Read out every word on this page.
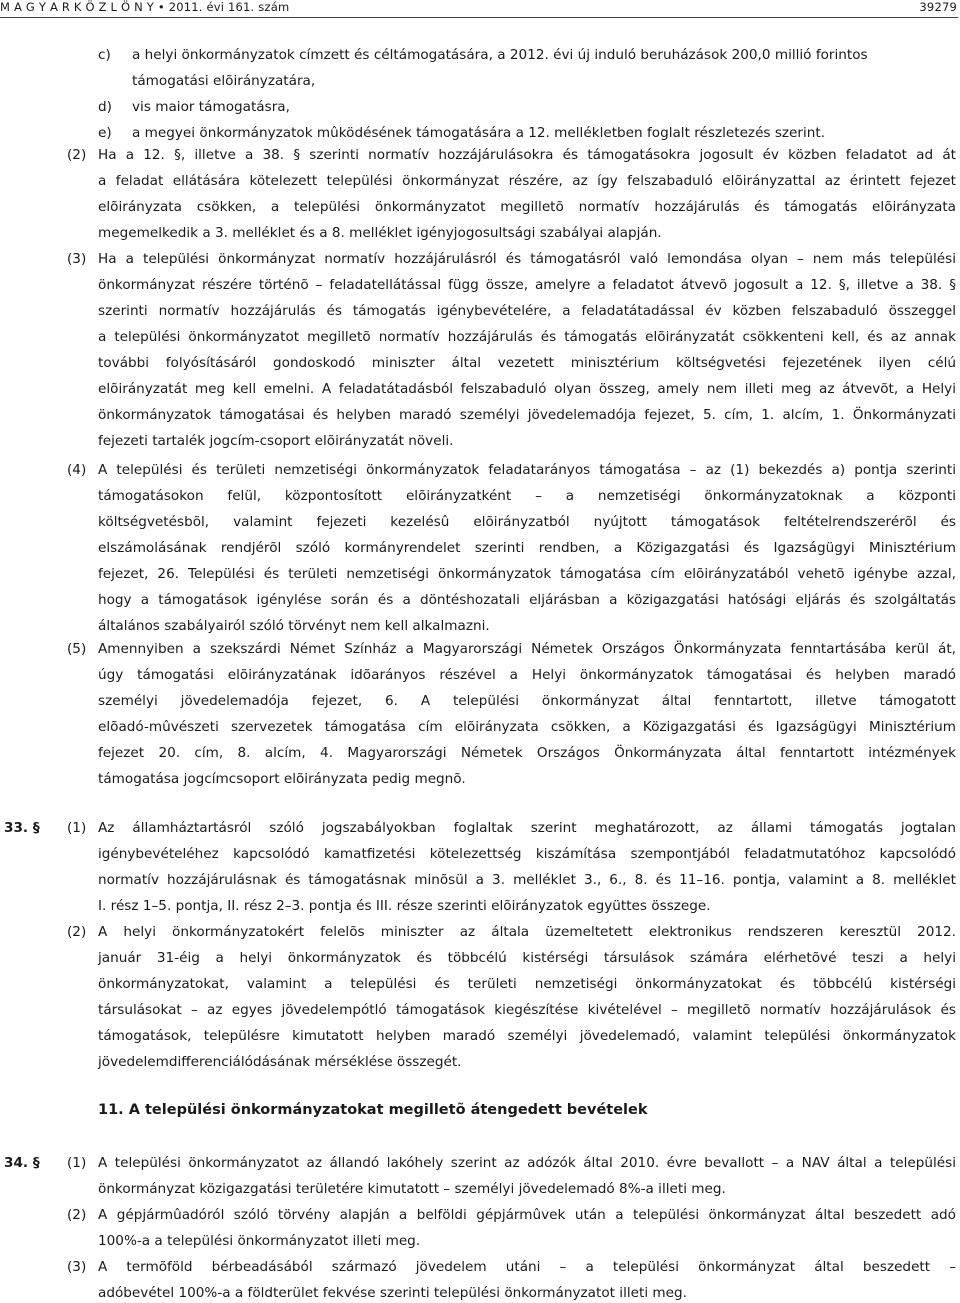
M A G Y A R K Ö Z L Ö N Y • 2011. évi 161. szám	39279
c) a helyi önkormányzatok címzett és céltámogatására, a 2012. évi új induló beruházások 200,0 millió forintos
támogatási elõirányzatára,
d) vis maior támogatásra,
e) a megyei önkormányzatok mûködésének támogatására a 12. mellékletben foglalt részletezés szerint.
(2) Ha a 12. §, illetve a 38. § szerinti normatív hozzájárulásokra és támogatásokra jogosult év közben feladatot ad át
a feladat ellátására kötelezett települési önkormányzat részére, az így felszabaduló elõirányzattal az érintett fejezet
elõirányzata csökken, a települési önkormányzatot megilletõ normatív hozzájárulás és támogatás elõirányzata
megemelkedik a 3. melléklet és a 8. melléklet igényjogosultsági szabályai alapján.
(3) Ha a települési önkormányzat normatív hozzájárulásról és támogatásról való lemondása olyan – nem más települési
önkormányzat részére történõ – feladatellátással függ össze, amelyre a feladatot átvevõ jogosult a 12. §, illetve a 38. §
szerinti normatív hozzájárulás és támogatás igénybevételére, a feladatátadással év közben felszabaduló összeggel
a települési önkormányzatot megilletõ normatív hozzájárulás és támogatás elõirányzatát csökkenteni kell, és az annak
további folyósításáról gondoskodó miniszter által vezetett minisztérium költségvetési fejezetének ilyen célú
elõirányzatát meg kell emelni. A feladatátadásból felszabaduló olyan összeg, amely nem illeti meg az átvevõt, a Helyi
önkormányzatok támogatásai és helyben maradó személyi jövedelemadója fejezet, 5. cím, 1. alcím, 1. Önkormányzati
fejezeti tartalék jogcím-csoport elõirányzatát növeli.
(4) A települési és területi nemzetiségi önkormányzatok feladatarányos támogatása – az (1) bekezdés a) pontja szerinti
támogatásokon felül, központosított elõirányzatként – a nemzetiségi önkormányzatoknak a központi
költségvetésbõl, valamint fejezeti kezelésû elõirányzatból nyújtott támogatások feltételrendszerérõl és
elszámolásának rendjérõl szóló kormányrendelet szerinti rendben, a Közigazgatási és Igazságügyi Minisztérium
fejezet, 26. Települési és területi nemzetiségi önkormányzatok támogatása cím elõirányzatából vehetõ igénybe azzal,
hogy a támogatások igénylése során és a döntéshozatali eljárásban a közigazgatási hatósági eljárás és szolgáltatás
általános szabályairól szóló törvényt nem kell alkalmazni.
(5) Amennyiben a szekszárdi Német Színház a Magyarországi Németek Országos Önkormányzata fenntartásába kerül át,
úgy támogatási elõirányzatának idõarányos részével a Helyi önkormányzatok támogatásai és helyben maradó
személyi jövedelemadója fejezet, 6. A települési önkormányzat által fenntartott, illetve támogatott
elõadó-mûvészeti szervezetek támogatása cím elõirányzata csökken, a Közigazgatási és Igazságügyi Minisztérium
fejezet 20. cím, 8. alcím, 4. Magyarországi Németek Országos Önkormányzata által fenntartott intézmények
támogatása jogcímcsoport elõirányzata pedig megnõ.
33. § (1) Az államháztartásról szóló jogszabályokban foglaltak szerint meghatározott, az állami támogatás jogtalan
igénybevételéhez kapcsolódó kamatfizetési kötelezettség kiszámítása szempontjából feladatmutatóhoz kapcsolódó
normatív hozzájárulásnak és támogatásnak minõsül a 3. melléklet 3., 6., 8. és 11–16. pontja, valamint a 8. melléklet
I. rész 1–5. pontja, II. rész 2–3. pontja és III. része szerinti elõirányzatok együttes összege.
(2) A helyi önkormányzatokért felelõs miniszter az általa üzemeltetett elektronikus rendszeren keresztül 2012.
január 31-éig a helyi önkormányzatok és többcélú kistérségi társulások számára elérhetõvé teszi a helyi
önkormányzatokat, valamint a települési és területi nemzetiségi önkormányzatokat és többcélú kistérségi
társulásokat – az egyes jövedelempótló támogatások kiegészítése kivételével – megilletõ normatív hozzájárulások és
támogatások, településre kimutatott helyben maradó személyi jövedelemadó, valamint települési önkormányzatok
jövedelemdifferenciálódásának mérséklése összegét.
11. A települési önkormányzatokat megilletõ átengedett bevételek
34. § (1) A települési önkormányzatot az állandó lakóhely szerint az adózók által 2010. évre bevallott – a NAV által a települési
önkormányzat közigazgatási területére kimutatott – személyi jövedelemadó 8%-a illeti meg.
(2) A gépjármûadóról szóló törvény alapján a belföldi gépjármûvek után a települési önkormányzat által beszedett adó
100%-a a települési önkormányzatot illeti meg.
(3) A termõföld bérbeadásából származó jövedelem utáni – a települési önkormányzat által beszedett –
adóbevétel 100%-a a földterület fekvése szerinti települési önkormányzatot illeti meg.
